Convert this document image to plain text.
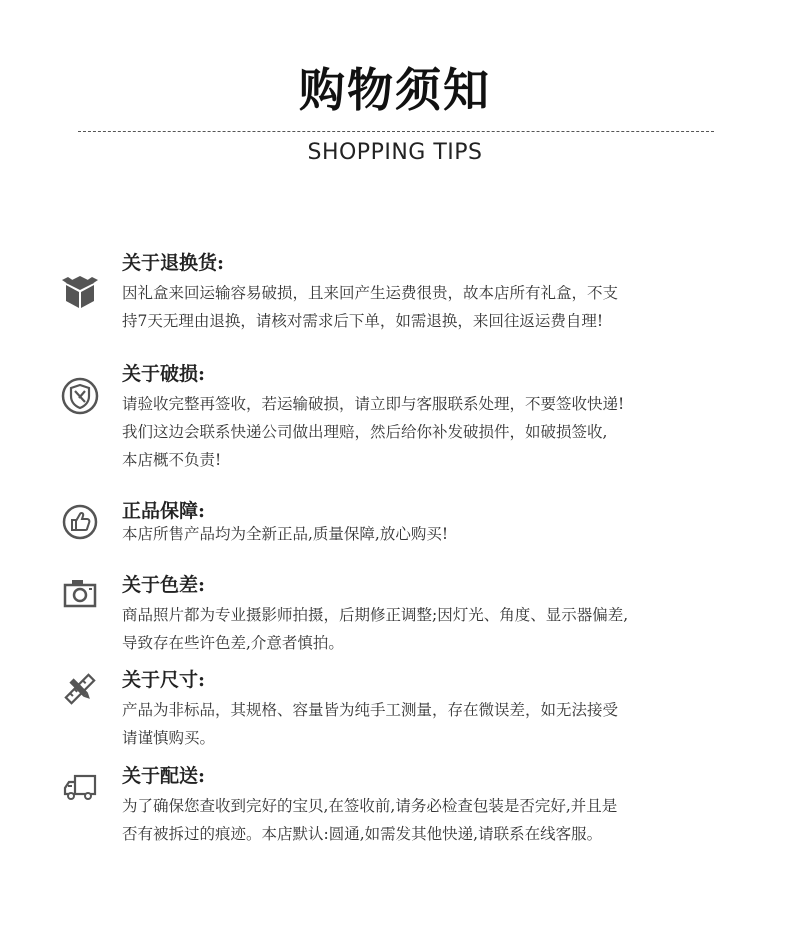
购物须知
SHOPPING TIPS
关于退换货:
因礼盒来回运输容易破损，且来回产生运费很贵，故本店所有礼盒，不支
持7天无理由退换，请核对需求后下单，如需退换，来回往返运费自理!
关于破损:
请验收完整再签收，若运输破损，请立即与客服联系处理，不要签收快递!
我们这边会联系快递公司做出理赔，然后给你补发破损件，如破损签收,
本店概不负责!
正品保障:
本店所售产品均为全新正品,质量保障,放心购买!
关于色差:
商品照片都为专业摄影师拍摄，后期修正调整;因灯光、角度、显示器偏差,
导致存在些许色差,介意者慎拍。
关于尺寸:
产品为非标品，其规格、容量皆为纯手工测量，存在微误差，如无法接受
请谨慎购买。
关于配送:
为了确保您查收到完好的宝贝,在签收前,请务必检查包装是否完好,并且是
否有被拆过的痕迹。本店默认:圆通,如需发其他快递,请联系在线客服。
